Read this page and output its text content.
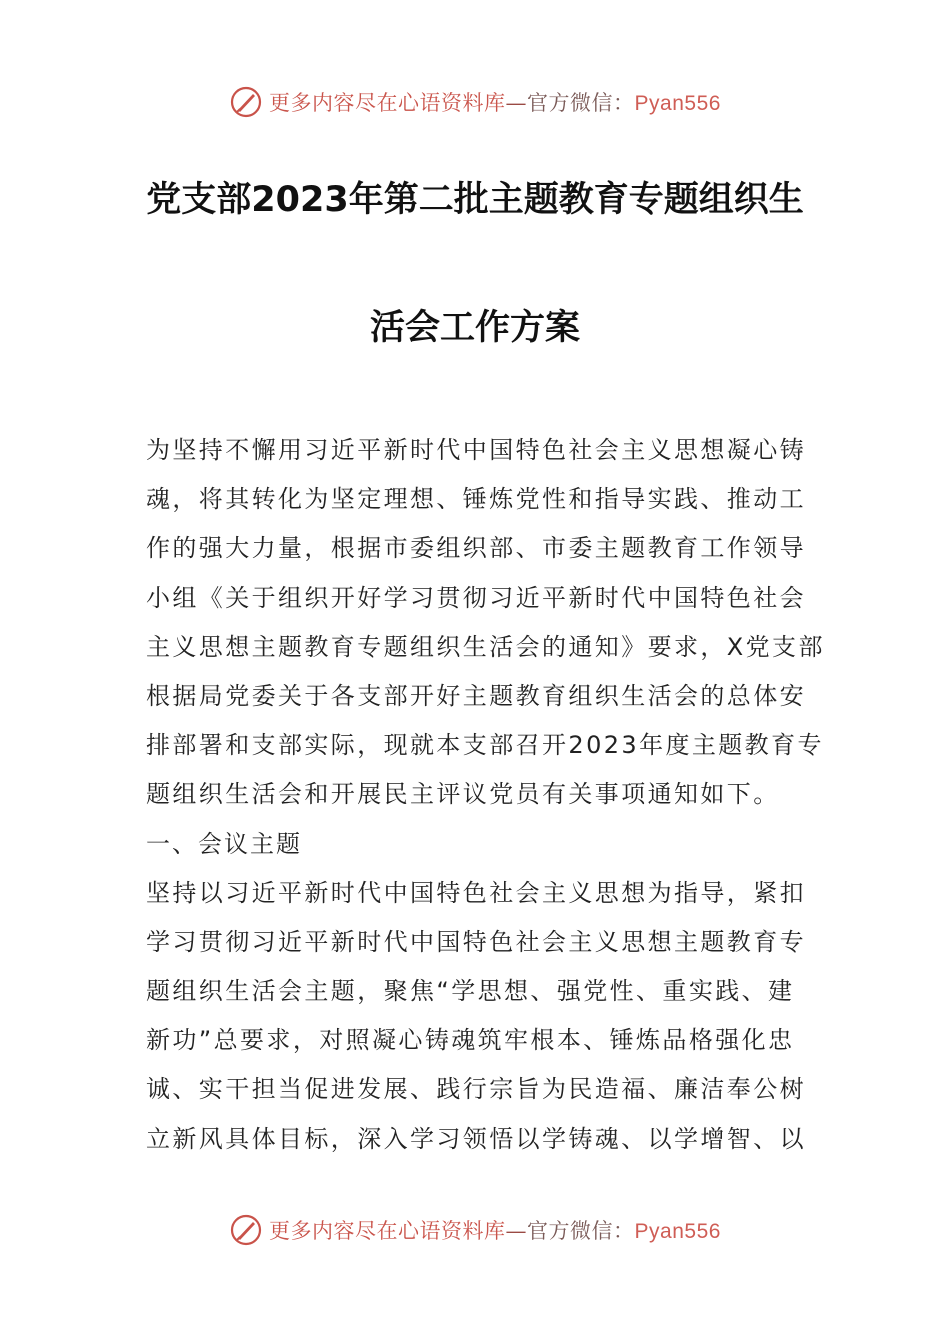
更多内容尽在心语资料库—官方微信：Pyan556
党支部2023年第二批主题教育专题组织生
活会工作方案
为坚持不懈用习近平新时代中国特色社会主义思想凝心铸
魂，将其转化为坚定理想、锤炼党性和指导实践、推动工
作的强大力量，根据市委组织部、市委主题教育工作领导
小组《关于组织开好学习贯彻习近平新时代中国特色社会
主义思想主题教育专题组织生活会的通知》要求，X党支部
根据局党委关于各支部开好主题教育组织生活会的总体安
排部署和支部实际，现就本支部召开2023年度主题教育专
题组织生活会和开展民主评议党员有关事项通知如下。
一、会议主题
坚持以习近平新时代中国特色社会主义思想为指导，紧扣
学习贯彻习近平新时代中国特色社会主义思想主题教育专
题组织生活会主题，聚焦“学思想、强党性、重实践、建
新功”总要求，对照凝心铸魂筑牢根本、锤炼品格强化忠
诚、实干担当促进发展、践行宗旨为民造福、廉洁奉公树
立新风具体目标，深入学习领悟以学铸魂、以学增智、以
更多内容尽在心语资料库—官方微信：Pyan556
